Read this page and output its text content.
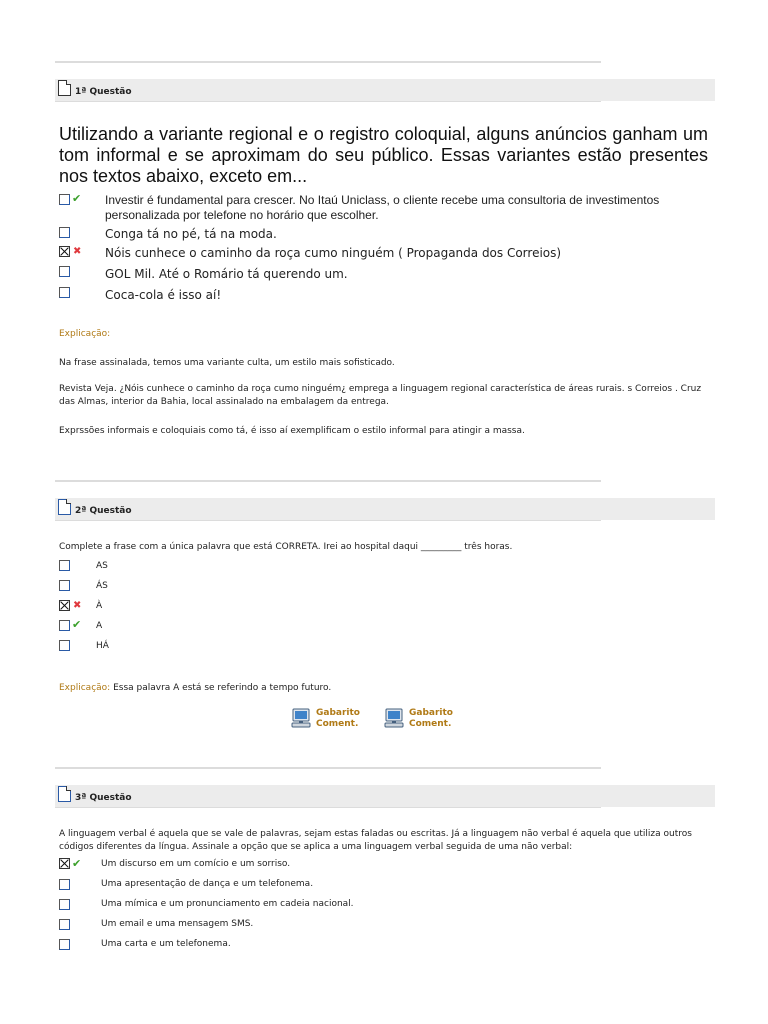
1ª Questão
Utilizando a variante regional e o registro coloquial, alguns anúncios ganham um tom informal e se aproximam do seu público. Essas variantes estão presentes nos textos abaixo, exceto em...
✔ Investir é fundamental para crescer. No Itaú Uniclass, o cliente recebe uma consultoria de investimentos personalizada por telefone no horário que escolher.
Conga tá no pé, tá na moda.
✖ Nóis cunhece o caminho da roça cumo ninguém ( Propaganda dos Correios)
GOL Mil. Até o Romário tá querendo um.
Coca-cola é isso aí!
Explicação:
Na frase assinalada, temos uma variante culta, um estilo mais sofisticado.
Revista Veja. ¿Nóis cunhece o caminho da roça cumo ninguém¿ emprega a linguagem regional característica de áreas rurais. s Correios . Cruz das Almas, interior da Bahia, local assinalado na embalagem da entrega.
Exprssões informais e coloquiais como tá, é isso aí exemplificam o estilo informal para atingir a massa.
2ª Questão
Complete a frase com a única palavra que está CORRETA. Irei ao hospital daqui _________ três horas.
AS
ÁS
✖ À
✔ A
HÁ
Explicação: Essa palavra A está se referindo a tempo futuro.
Gabarito
Coment.
Gabarito
Coment.
3ª Questão
A linguagem verbal é aquela que se vale de palavras, sejam estas faladas ou escritas. Já a linguagem não verbal é aquela que utiliza outros códigos diferentes da língua. Assinale a opção que se aplica a uma linguagem verbal seguida de uma não verbal:
✔ Um discurso em um comício e um sorriso.
Uma apresentação de dança e um telefonema.
Uma mímica e um pronunciamento em cadeia nacional.
Um email e uma mensagem SMS.
Uma carta e um telefonema.
